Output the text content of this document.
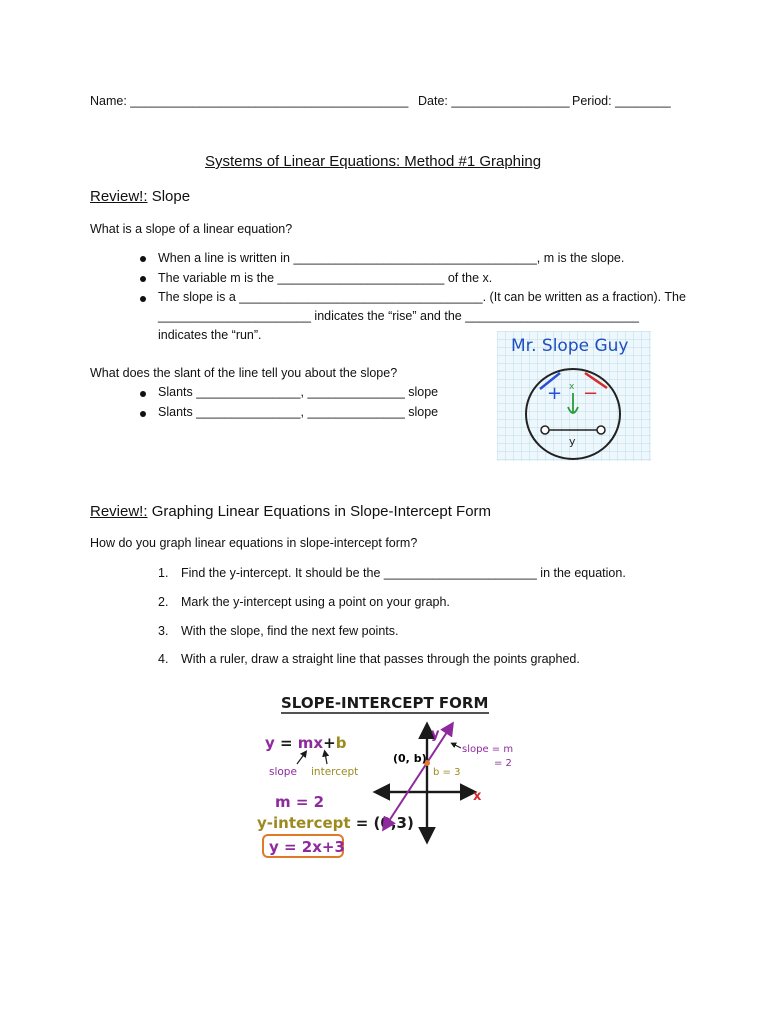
Name: ________________________________________ Date: _________________ Period: ________
Systems of Linear Equations: Method #1 Graphing
Review!: Slope
What is a slope of a linear equation?
When a line is written in ___________________________________, m is the slope.
The variable m is the ________________________ of the x.
The slope is a ___________________________________. (It can be written as a fraction). The
______________________ indicates the “rise” and the _________________________
indicates the “run”.
What does the slant of the line tell you about the slope?
Slants _______________, ______________ slope
Slants _______________, ______________ slope
Mr. Slope Guy
+ −
x
y
Review!: Graphing Linear Equations in Slope-Intercept Form
How do you graph linear equations in slope-intercept form?
1. Find the y-intercept. It should be the ______________________ in the equation.
2. Mark the y-intercept using a point on your graph.
3. With the slope, find the next few points.
4. With a ruler, draw a straight line that passes through the points graphed.
SLOPE-INTERCEPT FORM
y = mx+b
slope intercept
m = 2
y-intercept = (0,3)
y = 2x+3
y
x
(0, b)
b = 3
slope = m
= 2
